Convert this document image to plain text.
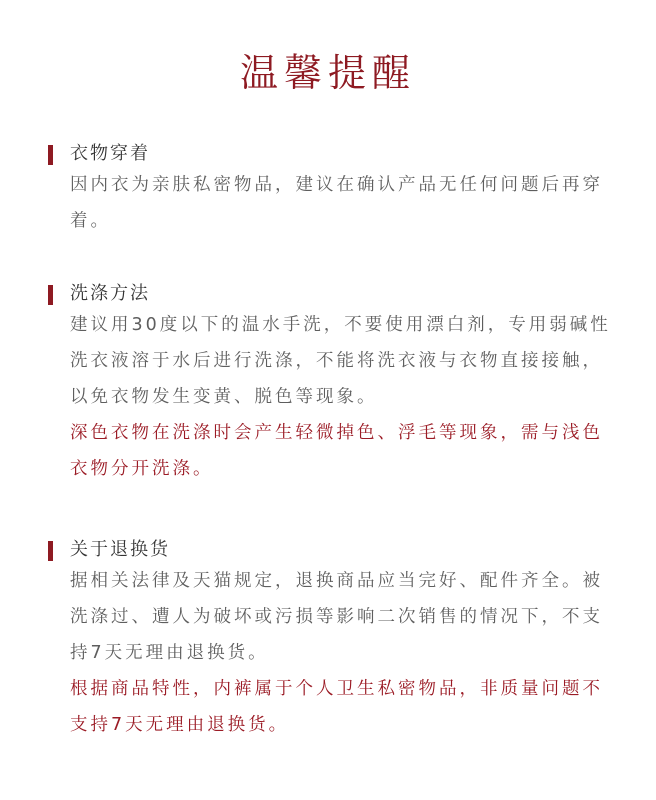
温馨提醒
衣物穿着

因内衣为亲肤私密物品，建议在确认产品无任何问题后再穿着。

洗涤方法

建议用30度以下的温水手洗，不要使用漂白剂，专用弱碱性洗衣液溶于水后进行洗涤，不能将洗衣液与衣物直接接触，以免衣物发生变黄、脱色等现象。

深色衣物在洗涤时会产生轻微掉色、浮毛等现象，需与浅色衣物分开洗涤。

关于退换货

据相关法律及天猫规定，退换商品应当完好、配件齐全。被洗涤过、遭人为破坏或污损等影响二次销售的情况下，不支持7天无理由退换货。

根据商品特性，内裤属于个人卫生私密物品，非质量问题不支持7天无理由退换货。
